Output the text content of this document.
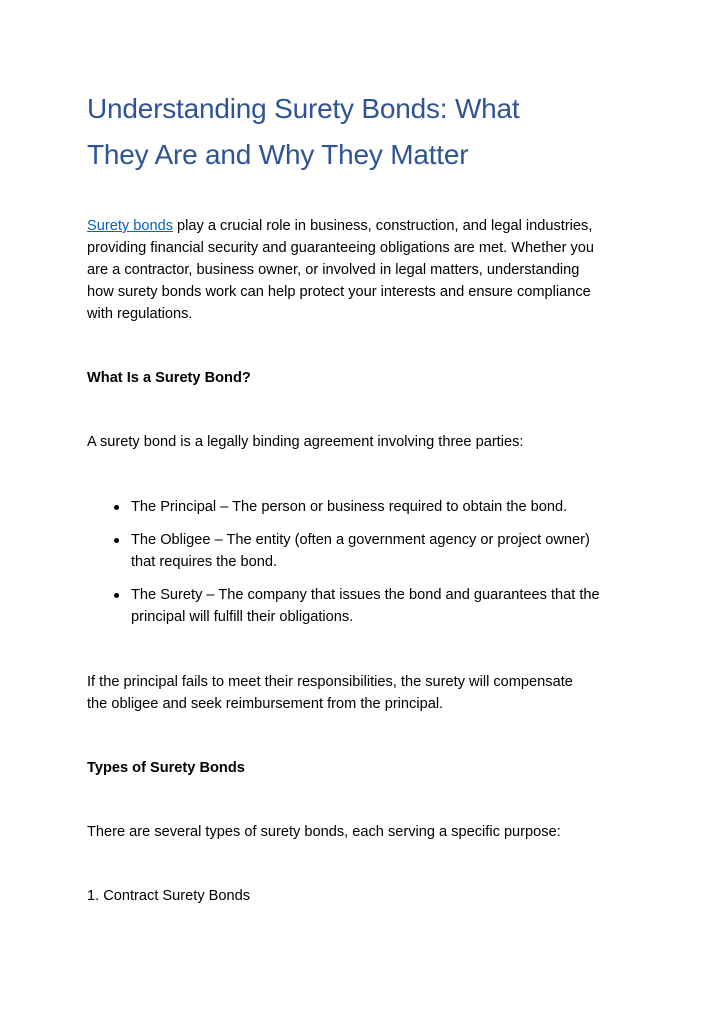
Understanding Surety Bonds: What
They Are and Why They Matter

Surety bonds play a crucial role in business, construction, and legal industries,
providing financial security and guaranteeing obligations are met. Whether you
are a contractor, business owner, or involved in legal matters, understanding
how surety bonds work can help protect your interests and ensure compliance
with regulations.

What Is a Surety Bond?

A surety bond is a legally binding agreement involving three parties:

The Principal – The person or business required to obtain the bond.
The Obligee – The entity (often a government agency or project owner)
that requires the bond.
The Surety – The company that issues the bond and guarantees that the
principal will fulfill their obligations.

If the principal fails to meet their responsibilities, the surety will compensate
the obligee and seek reimbursement from the principal.

Types of Surety Bonds

There are several types of surety bonds, each serving a specific purpose:

1. Contract Surety Bonds
